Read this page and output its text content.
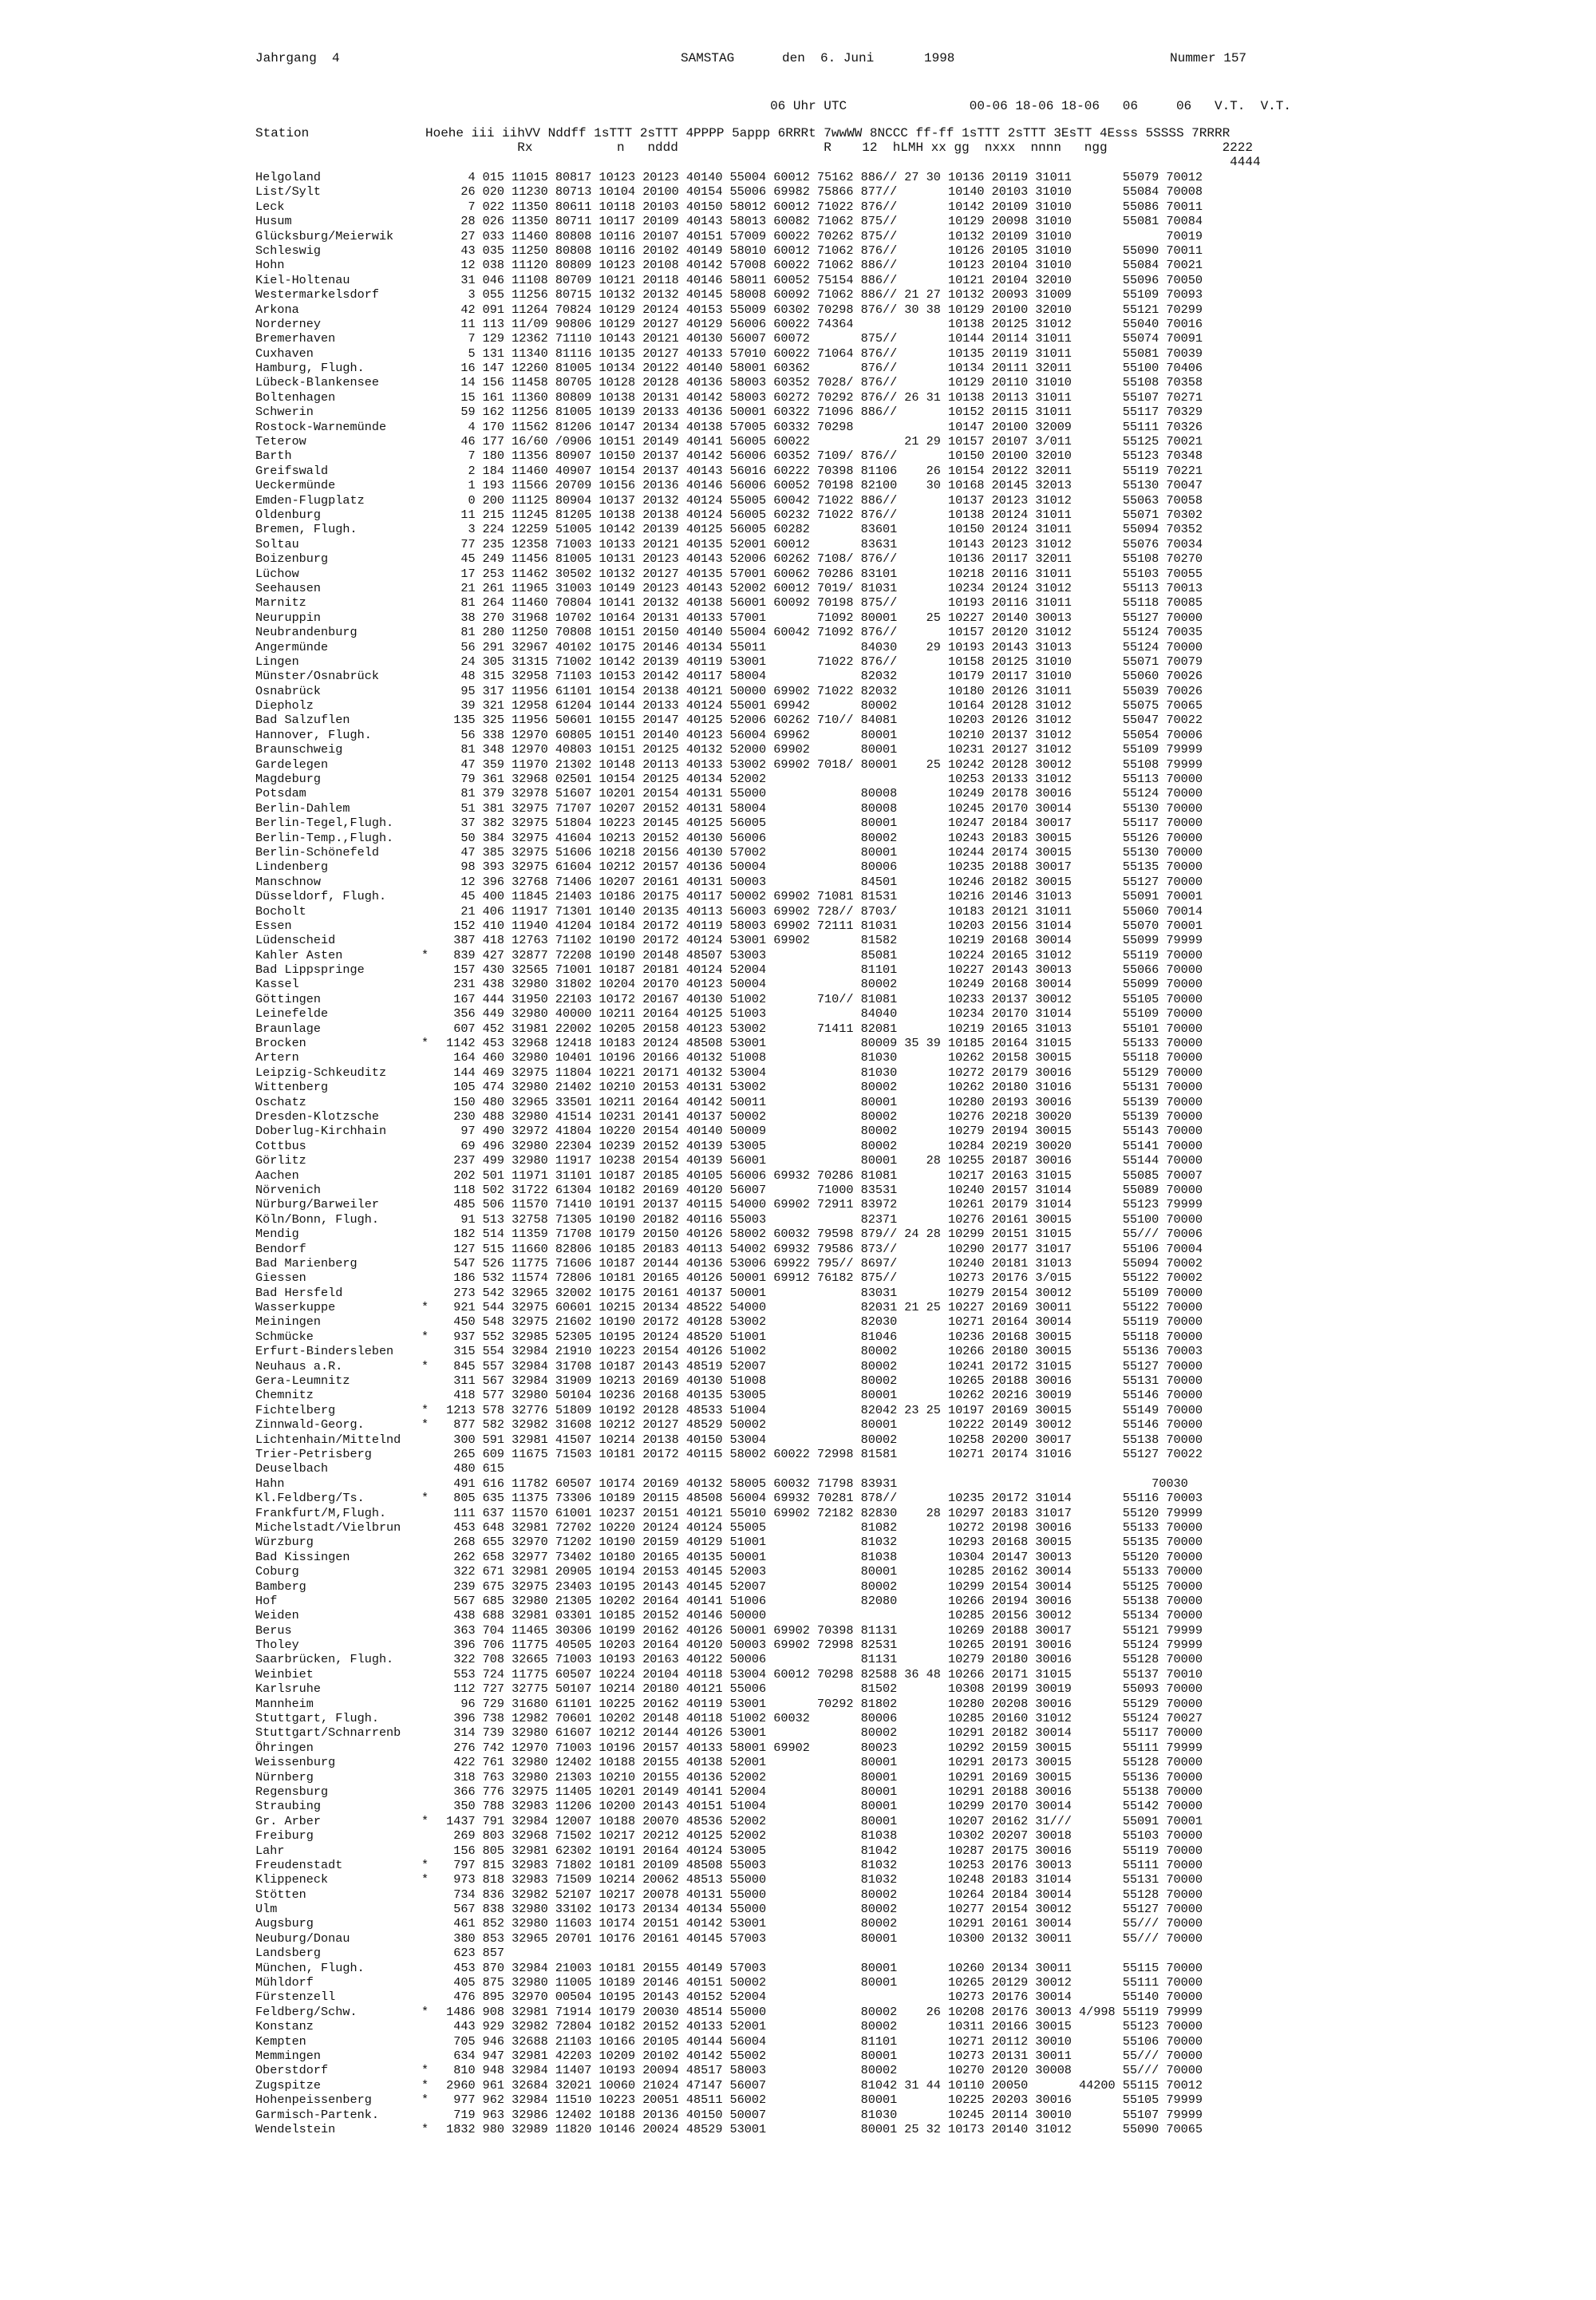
Jahrgang  4	SAMSTAG	den  6. Juni	1998	Nummer 157
06 Uhr UTC                00-06 18-06 18-06   06     06   V.T.  V.T.
Station	Hoehe iii iihVV Nddff 1sTTT 2sTTT 4PPPP 5appp 6RRRt 7wwWW 8NCCC ff-ff 1sTTT 2sTTT 3EsTT 4Esss 5SSSS 7RRRR
Rx           n   nddd                   R    12  hLMH xx gg  nxxx  nnnn   ngg               2222
4444
Helgoland	4 015 11015 80817 10123 20123 40140 55004 60012 75162 886// 27 30 10136 20119 31011       55079 70012
List/Sylt	26 020 11230 80713 10104 20100 40154 55006 69982 75866 877//       10140 20103 31010       55084 70008
Leck	7 022 11350 80611 10118 20103 40150 58012 60012 71022 876//       10142 20109 31010       55086 70011
Husum	28 026 11350 80711 10117 20109 40143 58013 60082 71062 875//       10129 20098 31010       55081 70084
Glücksburg/Meierwik	27 033 11460 80808 10116 20107 40151 57009 60022 70262 875//       10132 20109 31010             70019
Schleswig	43 035 11250 80808 10116 20102 40149 58010 60012 71062 876//       10126 20105 31010       55090 70011
Hohn	12 038 11120 80809 10123 20108 40142 57008 60022 71062 886//       10123 20104 31010       55084 70021
Kiel-Holtenau	31 046 11108 80709 10121 20118 40146 58011 60052 75154 886//       10121 20104 32010       55096 70050
Westermarkelsdorf	3 055 11256 80715 10132 20132 40145 58008 60092 71062 886// 21 27 10132 20093 31009       55109 70093
Arkona	42 091 11264 70824 10129 20124 40153 55009 60302 70298 876// 30 38 10129 20100 32010       55121 70299
Norderney	11 113 11/09 90806 10129 20127 40129 56006 60022 74364             10138 20125 31012       55040 70016
Bremerhaven	7 129 12362 71110 10143 20121 40130 56007 60072       875//       10144 20114 31011       55074 70091
Cuxhaven	5 131 11340 81116 10135 20127 40133 57010 60022 71064 876//       10135 20119 31011       55081 70039
Hamburg, Flugh.	16 147 12260 81005 10134 20122 40140 58001 60362       876//       10134 20111 32011       55100 70406
Lübeck-Blankensee	14 156 11458 80705 10128 20128 40136 58003 60352 7028/ 876//       10129 20110 31010       55108 70358
Boltenhagen	15 161 11360 80809 10138 20131 40142 58003 60272 70292 876// 26 31 10138 20113 31011       55107 70271
Schwerin	59 162 11256 81005 10139 20133 40136 50001 60322 71096 886//       10152 20115 31011       55117 70329
Rostock-Warnemünde	4 170 11562 81206 10147 20134 40138 57005 60332 70298             10147 20100 32009       55111 70326
Teterow	46 177 16/60 /0906 10151 20149 40141 56005 60022             21 29 10157 20107 3/011       55125 70021
Barth	7 180 11356 80907 10150 20137 40142 56006 60352 7109/ 876//       10150 20100 32010       55123 70348
Greifswald	2 184 11460 40907 10154 20137 40143 56016 60222 70398 81106    26 10154 20122 32011       55119 70221
Ueckermünde	1 193 11566 20709 10156 20136 40146 56006 60052 70198 82100    30 10168 20145 32013       55130 70047
Emden-Flugplatz	0 200 11125 80904 10137 20132 40124 55005 60042 71022 886//       10137 20123 31012       55063 70058
Oldenburg	11 215 11245 81205 10138 20138 40124 56005 60232 71022 876//       10138 20124 31011       55071 70302
Bremen, Flugh.	3 224 12259 51005 10142 20139 40125 56005 60282       83601       10150 20124 31011       55094 70352
Soltau	77 235 12358 71003 10133 20121 40135 52001 60012       83631       10143 20123 31012       55076 70034
Boizenburg	45 249 11456 81005 10131 20123 40143 52006 60262 7108/ 876//       10136 20117 32011       55108 70270
Lüchow	17 253 11462 30502 10132 20127 40135 57001 60062 70286 83101       10218 20116 31011       55103 70055
Seehausen	21 261 11965 31003 10149 20123 40143 52002 60012 7019/ 81031       10234 20124 31012       55113 70013
Marnitz	81 264 11460 70804 10141 20132 40138 56001 60092 70198 875//       10193 20116 31011       55118 70085
Neuruppin	38 270 31968 10702 10164 20131 40133 57001       71092 80001    25 10227 20140 30013       55127 70000
Neubrandenburg	81 280 11250 70808 10151 20150 40140 55004 60042 71092 876//       10157 20120 31012       55124 70035
Angermünde	56 291 32967 40102 10175 20146 40134 55011             84030    29 10193 20143 31013       55124 70000
Lingen	24 305 31315 71002 10142 20139 40119 53001       71022 876//       10158 20125 31010       55071 70079
Münster/Osnabrück	48 315 32958 71103 10153 20142 40117 58004             82032       10179 20117 31010       55060 70026
Osnabrück	95 317 11956 61101 10154 20138 40121 50000 69902 71022 82032       10180 20126 31011       55039 70026
Diepholz	39 321 12958 61204 10144 20133 40124 55001 69942       80002       10164 20128 31012       55075 70065
Bad Salzuflen	135 325 11956 50601 10155 20147 40125 52006 60262 710// 84081       10203 20126 31012       55047 70022
Hannover, Flugh.	56 338 12970 60805 10151 20140 40123 56004 69962       80001       10210 20137 31012       55054 70006
Braunschweig	81 348 12970 40803 10151 20125 40132 52000 69902       80001       10231 20127 31012       55109 79999
Gardelegen	47 359 11970 21302 10148 20113 40133 53002 69902 7018/ 80001    25 10242 20128 30012       55108 79999
Magdeburg	79 361 32968 02501 10154 20125 40134 52002                         10253 20133 31012       55113 70000
Potsdam	81 379 32978 51607 10201 20154 40131 55000             80008       10249 20178 30016       55124 70000
Berlin-Dahlem	51 381 32975 71707 10207 20152 40131 58004             80008       10245 20170 30014       55130 70000
Berlin-Tegel,Flugh.	37 382 32975 51804 10223 20145 40125 56005             80001       10247 20184 30017       55117 70000
Berlin-Temp.,Flugh.	50 384 32975 41604 10213 20152 40130 56006             80002       10243 20183 30015       55126 70000
Berlin-Schönefeld	47 385 32975 51606 10218 20156 40130 57002             80001       10244 20174 30015       55130 70000
Lindenberg	98 393 32975 61604 10212 20157 40136 50004             80006       10235 20188 30017       55135 70000
Manschnow	12 396 32768 71406 10207 20161 40131 50003             84501       10246 20182 30015       55127 70000
Düsseldorf, Flugh.	45 400 11845 21403 10186 20175 40117 50002 69902 71081 81531       10216 20146 31013       55091 70001
Bocholt	21 406 11917 71301 10140 20135 40113 56003 69902 728// 8703/       10183 20121 31011       55060 70014
Essen	152 410 11940 41204 10184 20172 40119 58003 69902 72111 81031       10203 20156 31014       55070 70001
Lüdenscheid	387 418 12763 71102 10190 20172 40124 53001 69902       81582       10219 20168 30014       55099 79999
Kahler Asten	* 839 427 32877 72208 10190 20148 48507 53003             85081       10224 20165 31012       55119 70000
Bad Lippspringe	157 430 32565 71001 10187 20181 40124 52004             81101       10227 20143 30013       55066 70000
Kassel	231 438 32980 31802 10204 20170 40123 50004             80002       10249 20168 30014       55099 70000
Göttingen	167 444 31950 22103 10172 20167 40130 51002       710// 81081       10233 20137 30012       55105 70000
Leinefelde	356 449 32980 40000 10211 20164 40125 51003             84040       10234 20170 31014       55109 70000
Braunlage	607 452 31981 22002 10205 20158 40123 53002       71411 82081       10219 20165 31013       55101 70000
Brocken	* 1142 453 32968 12418 10183 20124 48508 53001             80009 35 39 10185 20164 31015       55133 70000
Artern	164 460 32980 10401 10196 20166 40132 51008             81030       10262 20158 30015       55118 70000
Leipzig-Schkeuditz	144 469 32975 11804 10221 20171 40132 53004             81030       10272 20179 30016       55129 70000
Wittenberg	105 474 32980 21402 10210 20153 40131 53002             80002       10262 20180 31016       55131 70000
Oschatz	150 480 32965 33501 10211 20164 40142 50011             80001       10280 20193 30016       55139 70000
Dresden-Klotzsche	230 488 32980 41514 10231 20141 40137 50002             80002       10276 20218 30020       55139 70000
Doberlug-Kirchhain	97 490 32972 41804 10220 20154 40140 50009             80002       10279 20194 30015       55143 70000
Cottbus	69 496 32980 22304 10239 20152 40139 53005             80002       10284 20219 30020       55141 70000
Görlitz	237 499 32980 11917 10238 20154 40139 56001             80001    28 10255 20187 30016       55144 70000
Aachen	202 501 11971 31101 10187 20185 40105 56006 69932 70286 81081       10217 20163 31015       55085 70007
Nörvenich	118 502 31722 61304 10182 20169 40120 56007       71000 83531       10240 20157 31014       55089 70000
Nürburg/Barweiler	485 506 11570 71410 10191 20137 40115 54000 69902 72911 83972       10261 20179 31014       55123 79999
Köln/Bonn, Flugh.	91 513 32758 71305 10190 20182 40116 55003             82371       10276 20161 30015       55100 70000
Mendig	182 514 11359 71708 10179 20150 40126 58002 60032 79598 879// 24 28 10299 20151 31015       55/// 70006
Bendorf	127 515 11660 82806 10185 20183 40113 54002 69932 79586 873//       10290 20177 31017       55106 70004
Bad Marienberg	547 526 11775 71606 10187 20144 40136 53006 69922 795// 8697/       10240 20181 31013       55094 70002
Giessen	186 532 11574 72806 10181 20165 40126 50001 69912 76182 875//       10273 20176 3/015       55122 70002
Bad Hersfeld	273 542 32965 32002 10175 20161 40137 50001             83031       10279 20154 30012       55109 70000
Wasserkuppe	* 921 544 32975 60601 10215 20134 48522 54000             82031 21 25 10227 20169 30011       55122 70000
Meiningen	450 548 32975 21602 10190 20172 40128 53002             82030       10271 20164 30014       55119 70000
Schmücke	* 937 552 32985 52305 10195 20124 48520 51001             81046       10236 20168 30015       55118 70000
Erfurt-Bindersleben	315 554 32984 21910 10223 20154 40126 51002             80002       10266 20180 30015       55136 70003
Neuhaus a.R.	* 845 557 32984 31708 10187 20143 48519 52007             80002       10241 20172 31015       55127 70000
Gera-Leumnitz	311 567 32984 31909 10213 20169 40130 51008             80002       10265 20188 30016       55131 70000
Chemnitz	418 577 32980 50104 10236 20168 40135 53005             80001       10262 20216 30019       55146 70000
Fichtelberg	* 1213 578 32776 51809 10192 20128 48533 51004             82042 23 25 10197 20169 30015       55149 70000
Zinnwald-Georg.	* 877 582 32982 31608 10212 20127 48529 50002             80001       10222 20149 30012       55146 70000
Lichtenhain/Mittelnd	300 591 32981 41507 10214 20138 40150 53004             80002       10258 20200 30017       55138 70000
Trier-Petrisberg	265 609 11675 71503 10181 20172 40115 58002 60022 72998 81581       10271 20174 31016       55127 70022
Deuselbach	480 615
Hahn	491 616 11782 60507 10174 20169 40132 58005 60032 71798 83931                                   70030
Kl.Feldberg/Ts.	* 805 635 11375 73306 10189 20115 48508 56004 69932 70281 878//       10235 20172 31014       55116 70003
Frankfurt/M,Flugh.	111 637 11570 61001 10237 20151 40121 55010 69902 72182 82830    28 10297 20183 31017       55120 79999
Michelstadt/Vielbrun	453 648 32981 72702 10220 20124 40124 55005             81082       10272 20198 30016       55133 70000
Würzburg	268 655 32970 71202 10190 20159 40129 51001             81032       10293 20168 30015       55135 70000
Bad Kissingen	262 658 32977 73402 10180 20165 40135 50001             81038       10304 20147 30013       55120 70000
Coburg	322 671 32981 20905 10194 20153 40145 52003             80001       10285 20162 30014       55133 70000
Bamberg	239 675 32975 23403 10195 20143 40145 52007             80002       10299 20154 30014       55125 70000
Hof	567 685 32980 21305 10202 20164 40141 51006             82080       10266 20194 30016       55138 70000
Weiden	438 688 32981 03301 10185 20152 40146 50000                         10285 20156 30012       55134 70000
Berus	363 704 11465 30306 10199 20162 40126 50001 69902 70398 81131       10269 20188 30017       55121 79999
Tholey	396 706 11775 40505 10203 20164 40120 50003 69902 72998 82531       10265 20191 30016       55124 79999
Saarbrücken, Flugh.	322 708 32665 71003 10193 20163 40122 50006             81131       10279 20180 30016       55128 70000
Weinbiet	553 724 11775 60507 10224 20104 40118 53004 60012 70298 82588 36 48 10266 20171 31015       55137 70010
Karlsruhe	112 727 32775 50107 10214 20180 40121 55006             81502       10308 20199 30019       55093 70000
Mannheim	96 729 31680 61101 10225 20162 40119 53001       70292 81802       10280 20208 30016       55129 70000
Stuttgart, Flugh.	396 738 12982 70601 10202 20148 40118 51002 60032       80006       10285 20160 31012       55124 70027
Stuttgart/Schnarrenb	314 739 32980 61607 10212 20144 40126 53001             80002       10291 20182 30014       55117 70000
Öhringen	276 742 12970 71003 10196 20157 40133 58001 69902       80023       10292 20159 30015       55111 79999
Weissenburg	422 761 32980 12402 10188 20155 40138 52001             80001       10291 20173 30015       55128 70000
Nürnberg	318 763 32980 21303 10210 20155 40136 52002             80001       10291 20169 30015       55136 70000
Regensburg	366 776 32975 11405 10201 20149 40141 52004             80001       10291 20188 30016       55138 70000
Straubing	350 788 32983 11206 10200 20143 40151 51004             80001       10299 20170 30014       55142 70000
Gr. Arber	* 1437 791 32984 12007 10188 20070 48536 52002             80001       10207 20162 31///       55091 70001
Freiburg	269 803 32968 71502 10217 20212 40125 52002             81038       10302 20207 30018       55103 70000
Lahr	156 805 32981 62302 10191 20164 40124 53005             81042       10287 20175 30016       55119 70000
Freudenstadt	* 797 815 32983 71802 10181 20109 48508 55003             81032       10253 20176 30013       55111 70000
Klippeneck	* 973 818 32983 71509 10214 20062 48513 55000             81032       10248 20183 31014       55131 70000
Stötten	734 836 32982 52107 10217 20078 40131 55000             80002       10264 20184 30014       55128 70000
Ulm	567 838 32980 33102 10173 20134 40134 55000             80002       10277 20154 30012       55127 70000
Augsburg	461 852 32980 11603 10174 20151 40142 53001             80002       10291 20161 30014       55/// 70000
Neuburg/Donau	380 853 32965 20701 10176 20161 40145 57003             80001       10300 20132 30011       55/// 70000
Landsberg	623 857
München, Flugh.	453 870 32984 21003 10181 20155 40149 57003             80001       10260 20134 30011       55115 70000
Mühldorf	405 875 32980 11005 10189 20146 40151 50002             80001       10265 20129 30012       55111 70000
Fürstenzell	476 895 32970 00504 10195 20143 40152 52004                         10273 20176 30014       55140 70000
Feldberg/Schw.	* 1486 908 32981 71914 10179 20030 48514 55000             80002    26 10208 20176 30013 4/998 55119 79999
Konstanz	443 929 32982 72804 10182 20152 40133 52001             80002       10311 20166 30015       55123 70000
Kempten	705 946 32688 21103 10166 20105 40144 56004             81101       10271 20112 30010       55106 70000
Memmingen	634 947 32981 42203 10209 20102 40142 55002             80001       10273 20131 30011       55/// 70000
Oberstdorf	* 810 948 32984 11407 10193 20094 48517 58003             80002       10270 20120 30008       55/// 70000
Zugspitze	* 2960 961 32684 32021 10060 21024 47147 56007             81042 31 44 10110 20050       44200 55115 70012
Hohenpeissenberg	* 977 962 32984 11510 10223 20051 48511 56002             80001       10225 20203 30016       55105 79999
Garmisch-Partenk.	719 963 32986 12402 10188 20136 40150 50007             81030       10245 20114 30010       55107 79999
Wendelstein	* 1832 980 32989 11820 10146 20024 48529 53001             80001 25 32 10173 20140 31012       55090 70065
